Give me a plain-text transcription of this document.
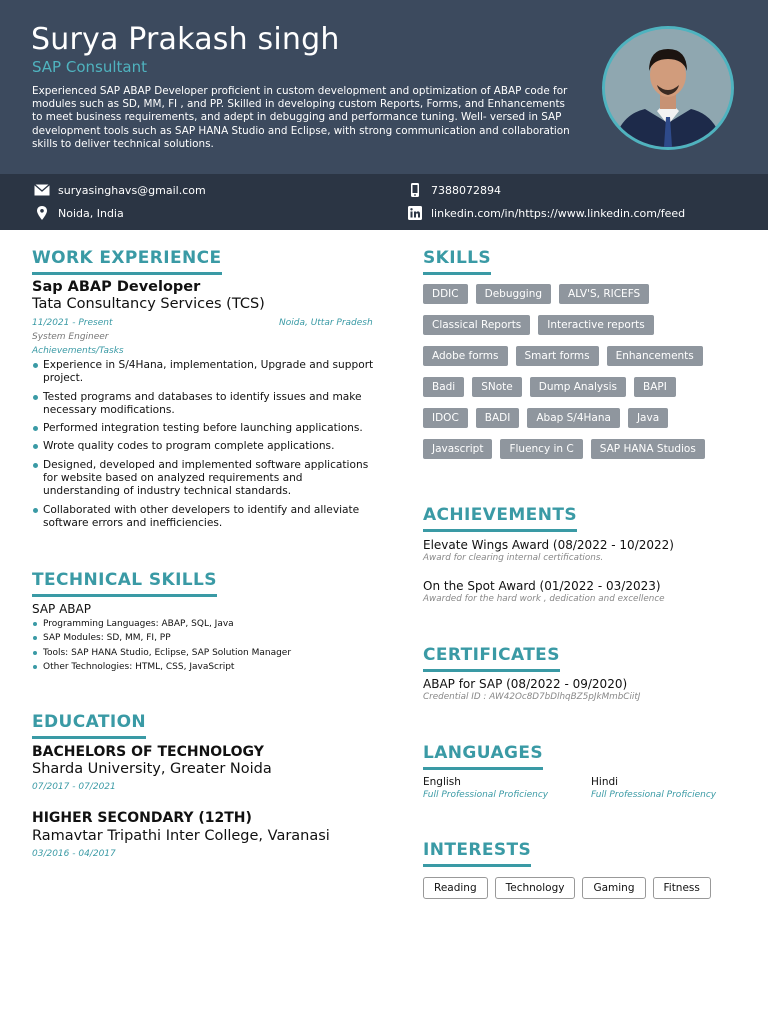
Surya Prakash singh
SAP Consultant
Experienced SAP ABAP Developer proficient in custom development and optimization of ABAP code for modules such as SD, MM, FI , and PP. Skilled in developing custom Reports, Forms, and Enhancements to meet business requirements, and adept in debugging and performance tuning. Well- versed in SAP development tools such as SAP HANA Studio and Eclipse, with strong communication and collaboration skills to deliver technical solutions.
suryasinghavs@gmail.com	7388072894
Noida, India	linkedin.com/in/https://www.linkedin.com/feed
WORK EXPERIENCE
Sap ABAP Developer
Tata Consultancy Services (TCS)
11/2021 - Present	Noida, Uttar Pradesh
System Engineer
Achievements/Tasks
Experience in S/4Hana, implementation, Upgrade and support project.
Tested programs and databases to identify issues and make necessary modifications.
Performed integration testing before launching applications.
Wrote quality codes to program complete applications.
Designed, developed and implemented software applications for website based on analyzed requirements and understanding of industry technical standards.
Collaborated with other developers to identify and alleviate software errors and inefficiencies.
TECHNICAL SKILLS
SAP ABAP
Programming Languages: ABAP, SQL, Java
SAP Modules: SD, MM, FI, PP
Tools: SAP HANA Studio, Eclipse, SAP Solution Manager
Other Technologies: HTML, CSS, JavaScript
EDUCATION
BACHELORS OF TECHNOLOGY
Sharda University, Greater Noida
07/2017 - 07/2021
HIGHER SECONDARY (12TH)
Ramavtar Tripathi Inter College, Varanasi
03/2016 - 04/2017
SKILLS
DDIC	Debugging	ALV'S, RICEFS
Classical Reports	Interactive reports
Adobe forms	Smart forms	Enhancements
Badi	SNote	Dump Analysis	BAPI
IDOC	BADI	Abap S/4Hana	Java
Javascript	Fluency in C	SAP HANA Studios
ACHIEVEMENTS
Elevate Wings Award (08/2022 - 10/2022)
Award for clearing internal certifications.
On the Spot Award (01/2022 - 03/2023)
Awarded for the hard work , dedication and excellence
CERTIFICATES
ABAP for SAP (08/2022 - 09/2020)
Credential ID : AW42Oc8D7bDlhqBZ5pJkMmbCiitJ
LANGUAGES
English
Full Professional Proficiency
Hindi
Full Professional Proficiency
INTERESTS
Reading	Technology	Gaming	Fitness
